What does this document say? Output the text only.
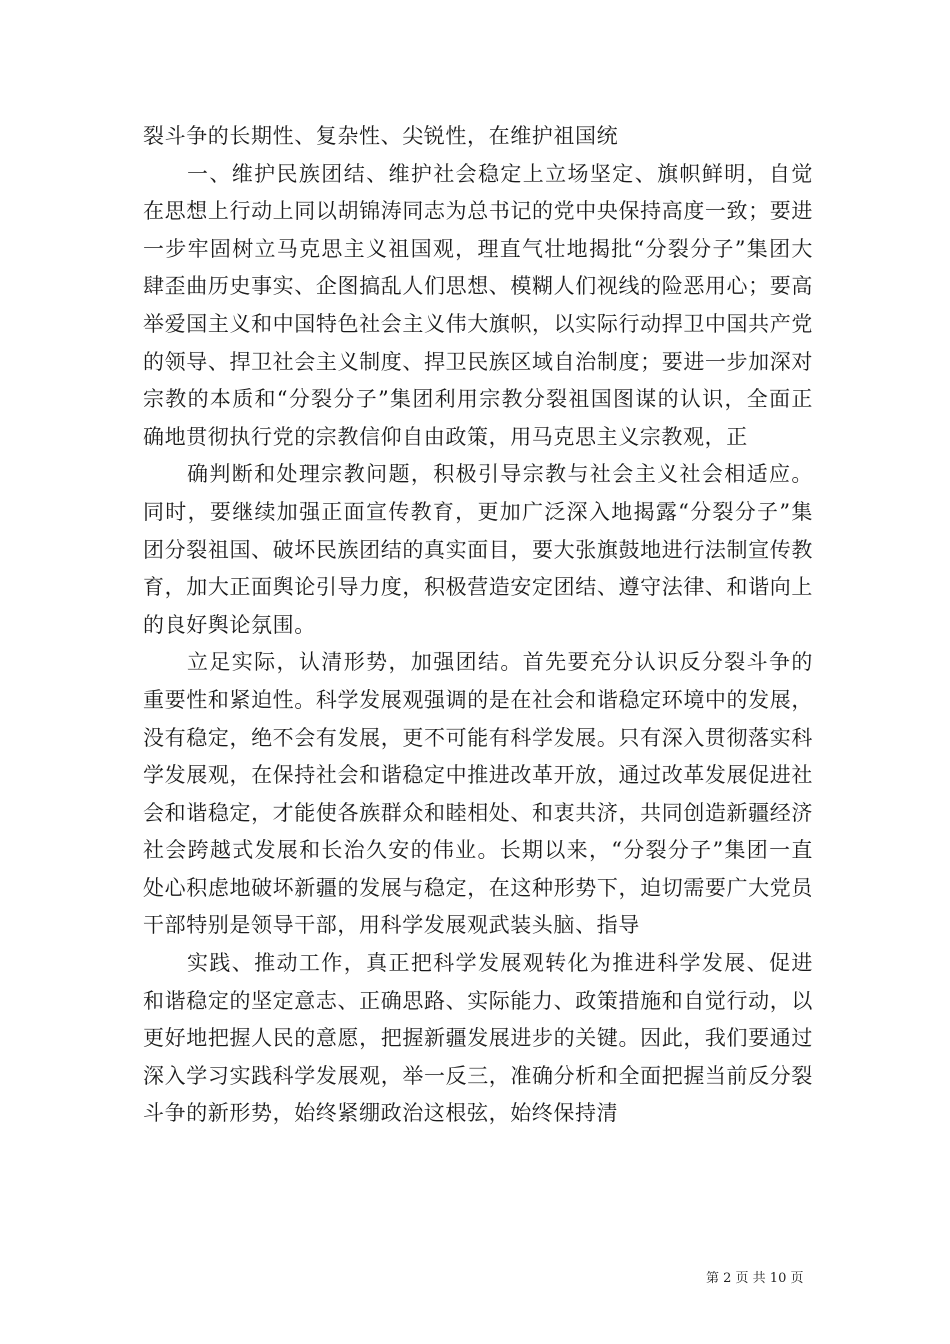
裂斗争的长期性、复杂性、尖锐性，在维护祖国统

一、维护民族团结、维护社会稳定上立场坚定、旗帜鲜明，自觉在思想上行动上同以胡锦涛同志为总书记的党中央保持高度一致；要进一步牢固树立马克思主义祖国观，理直气壮地揭批“分裂分子”集团大肆歪曲历史事实、企图搞乱人们思想、模糊人们视线的险恶用心；要高举爱国主义和中国特色社会主义伟大旗帜，以实际行动捍卫中国共产党的领导、捍卫社会主义制度、捍卫民族区域自治制度；要进一步加深对宗教的本质和“分裂分子”集团利用宗教分裂祖国图谋的认识，全面正确地贯彻执行党的宗教信仰自由政策，用马克思主义宗教观，正

确判断和处理宗教问题，积极引导宗教与社会主义社会相适应。同时，要继续加强正面宣传教育，更加广泛深入地揭露“分裂分子”集团分裂祖国、破坏民族团结的真实面目，要大张旗鼓地进行法制宣传教育，加大正面舆论引导力度，积极营造安定团结、遵守法律、和谐向上的良好舆论氛围。

立足实际，认清形势，加强团结。首先要充分认识反分裂斗争的重要性和紧迫性。科学发展观强调的是在社会和谐稳定环境中的发展，没有稳定，绝不会有发展，更不可能有科学发展。只有深入贯彻落实科学发展观，在保持社会和谐稳定中推进改革开放，通过改革发展促进社会和谐稳定，才能使各族群众和睦相处、和衷共济，共同创造新疆经济社会跨越式发展和长治久安的伟业。长期以来，“分裂分子”集团一直处心积虑地破坏新疆的发展与稳定，在这种形势下，迫切需要广大党员干部特别是领导干部，用科学发展观武装头脑、指导

实践、推动工作，真正把科学发展观转化为推进科学发展、促进和谐稳定的坚定意志、正确思路、实际能力、政策措施和自觉行动，以更好地把握人民的意愿，把握新疆发展进步的关键。因此，我们要通过深入学习实践科学发展观，举一反三，准确分析和全面把握当前反分裂斗争的新形势，始终紧绷政治这根弦，始终保持清

第 2 页 共 10 页
